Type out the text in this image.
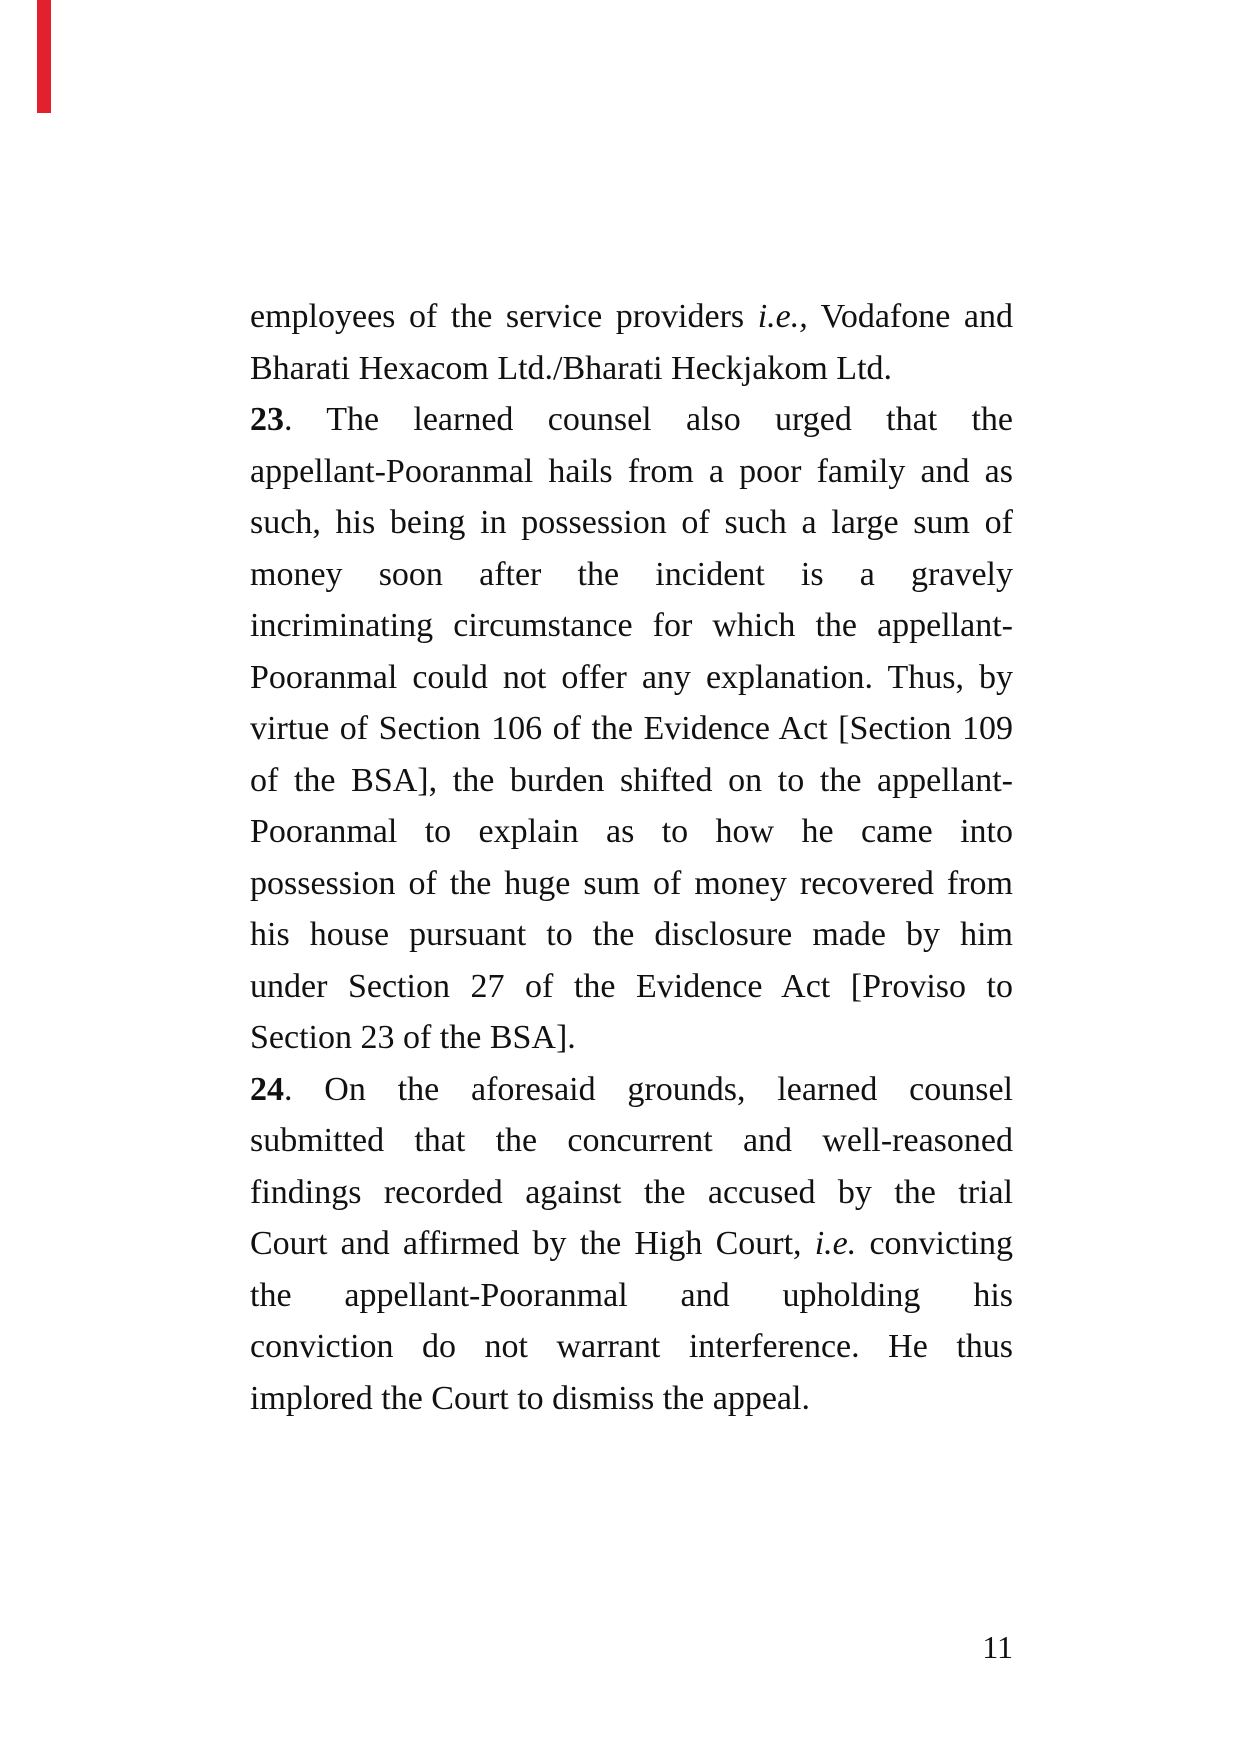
employees of the service providers i.e., Vodafone and
Bharati Hexacom Ltd./Bharati Heckjakom Ltd.
23. The learned counsel also urged that the
appellant-Pooranmal hails from a poor family and as
such, his being in possession of such a large sum of
money soon after the incident is a gravely
incriminating circumstance for which the appellant-
Pooranmal could not offer any explanation. Thus, by
virtue of Section 106 of the Evidence Act [Section 109
of the BSA], the burden shifted on to the appellant-
Pooranmal to explain as to how he came into
possession of the huge sum of money recovered from
his house pursuant to the disclosure made by him
under Section 27 of the Evidence Act [Proviso to
Section 23 of the BSA].
24. On the aforesaid grounds, learned counsel
submitted that the concurrent and well-reasoned
findings recorded against the accused by the trial
Court and affirmed by the High Court, i.e. convicting
the appellant-Pooranmal and upholding his
conviction do not warrant interference. He thus
implored the Court to dismiss the appeal.
11
